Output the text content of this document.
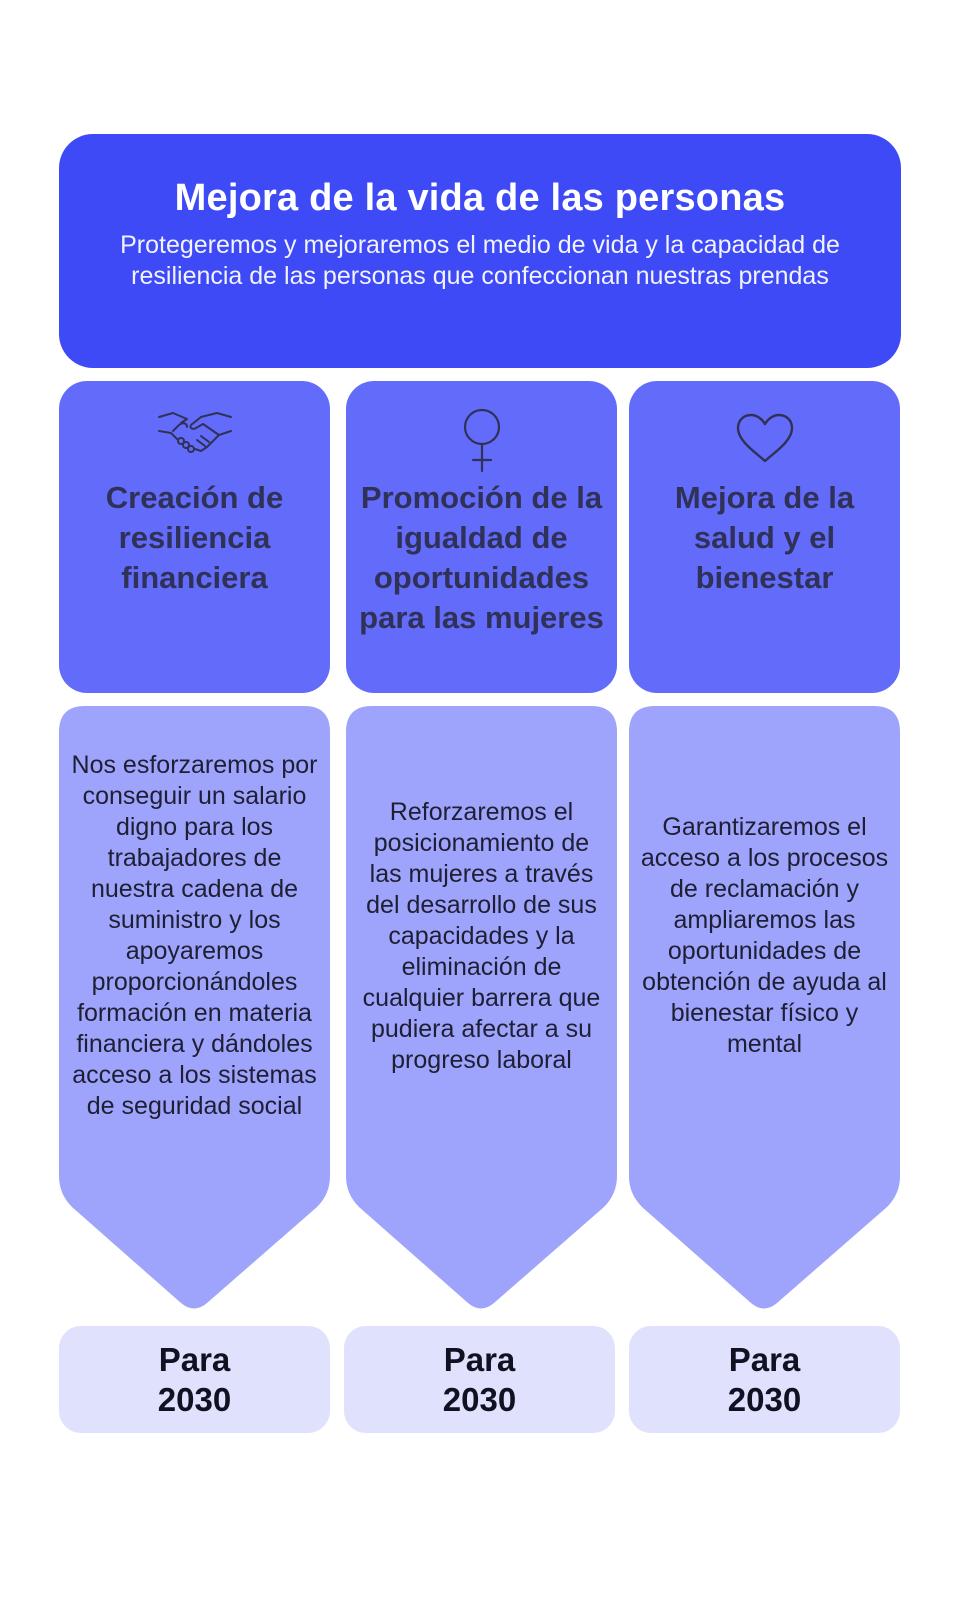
Mejora de la vida de las personas

Protegeremos y mejoraremos el medio de vida y la capacidad de resiliencia de las personas que confeccionan nuestras prendas

Creación de resiliencia financiera
Promoción de la igualdad de oportunidades para las mujeres
Mejora de la salud y el bienestar
Nos esforzaremos por conseguir un salario digno para los trabajadores de nuestra cadena de suministro y los apoyaremos proporcionándoles formación en materia financiera y dándoles acceso a los sistemas de seguridad social
Reforzaremos el posicionamiento de las mujeres a través del desarrollo de sus capacidades y la eliminación de cualquier barrera que pudiera afectar a su progreso laboral
Garantizaremos el acceso a los procesos de reclamación y ampliaremos las oportunidades de obtención de ayuda al bienestar físico y mental
Para
2030
Para
2030
Para
2030
